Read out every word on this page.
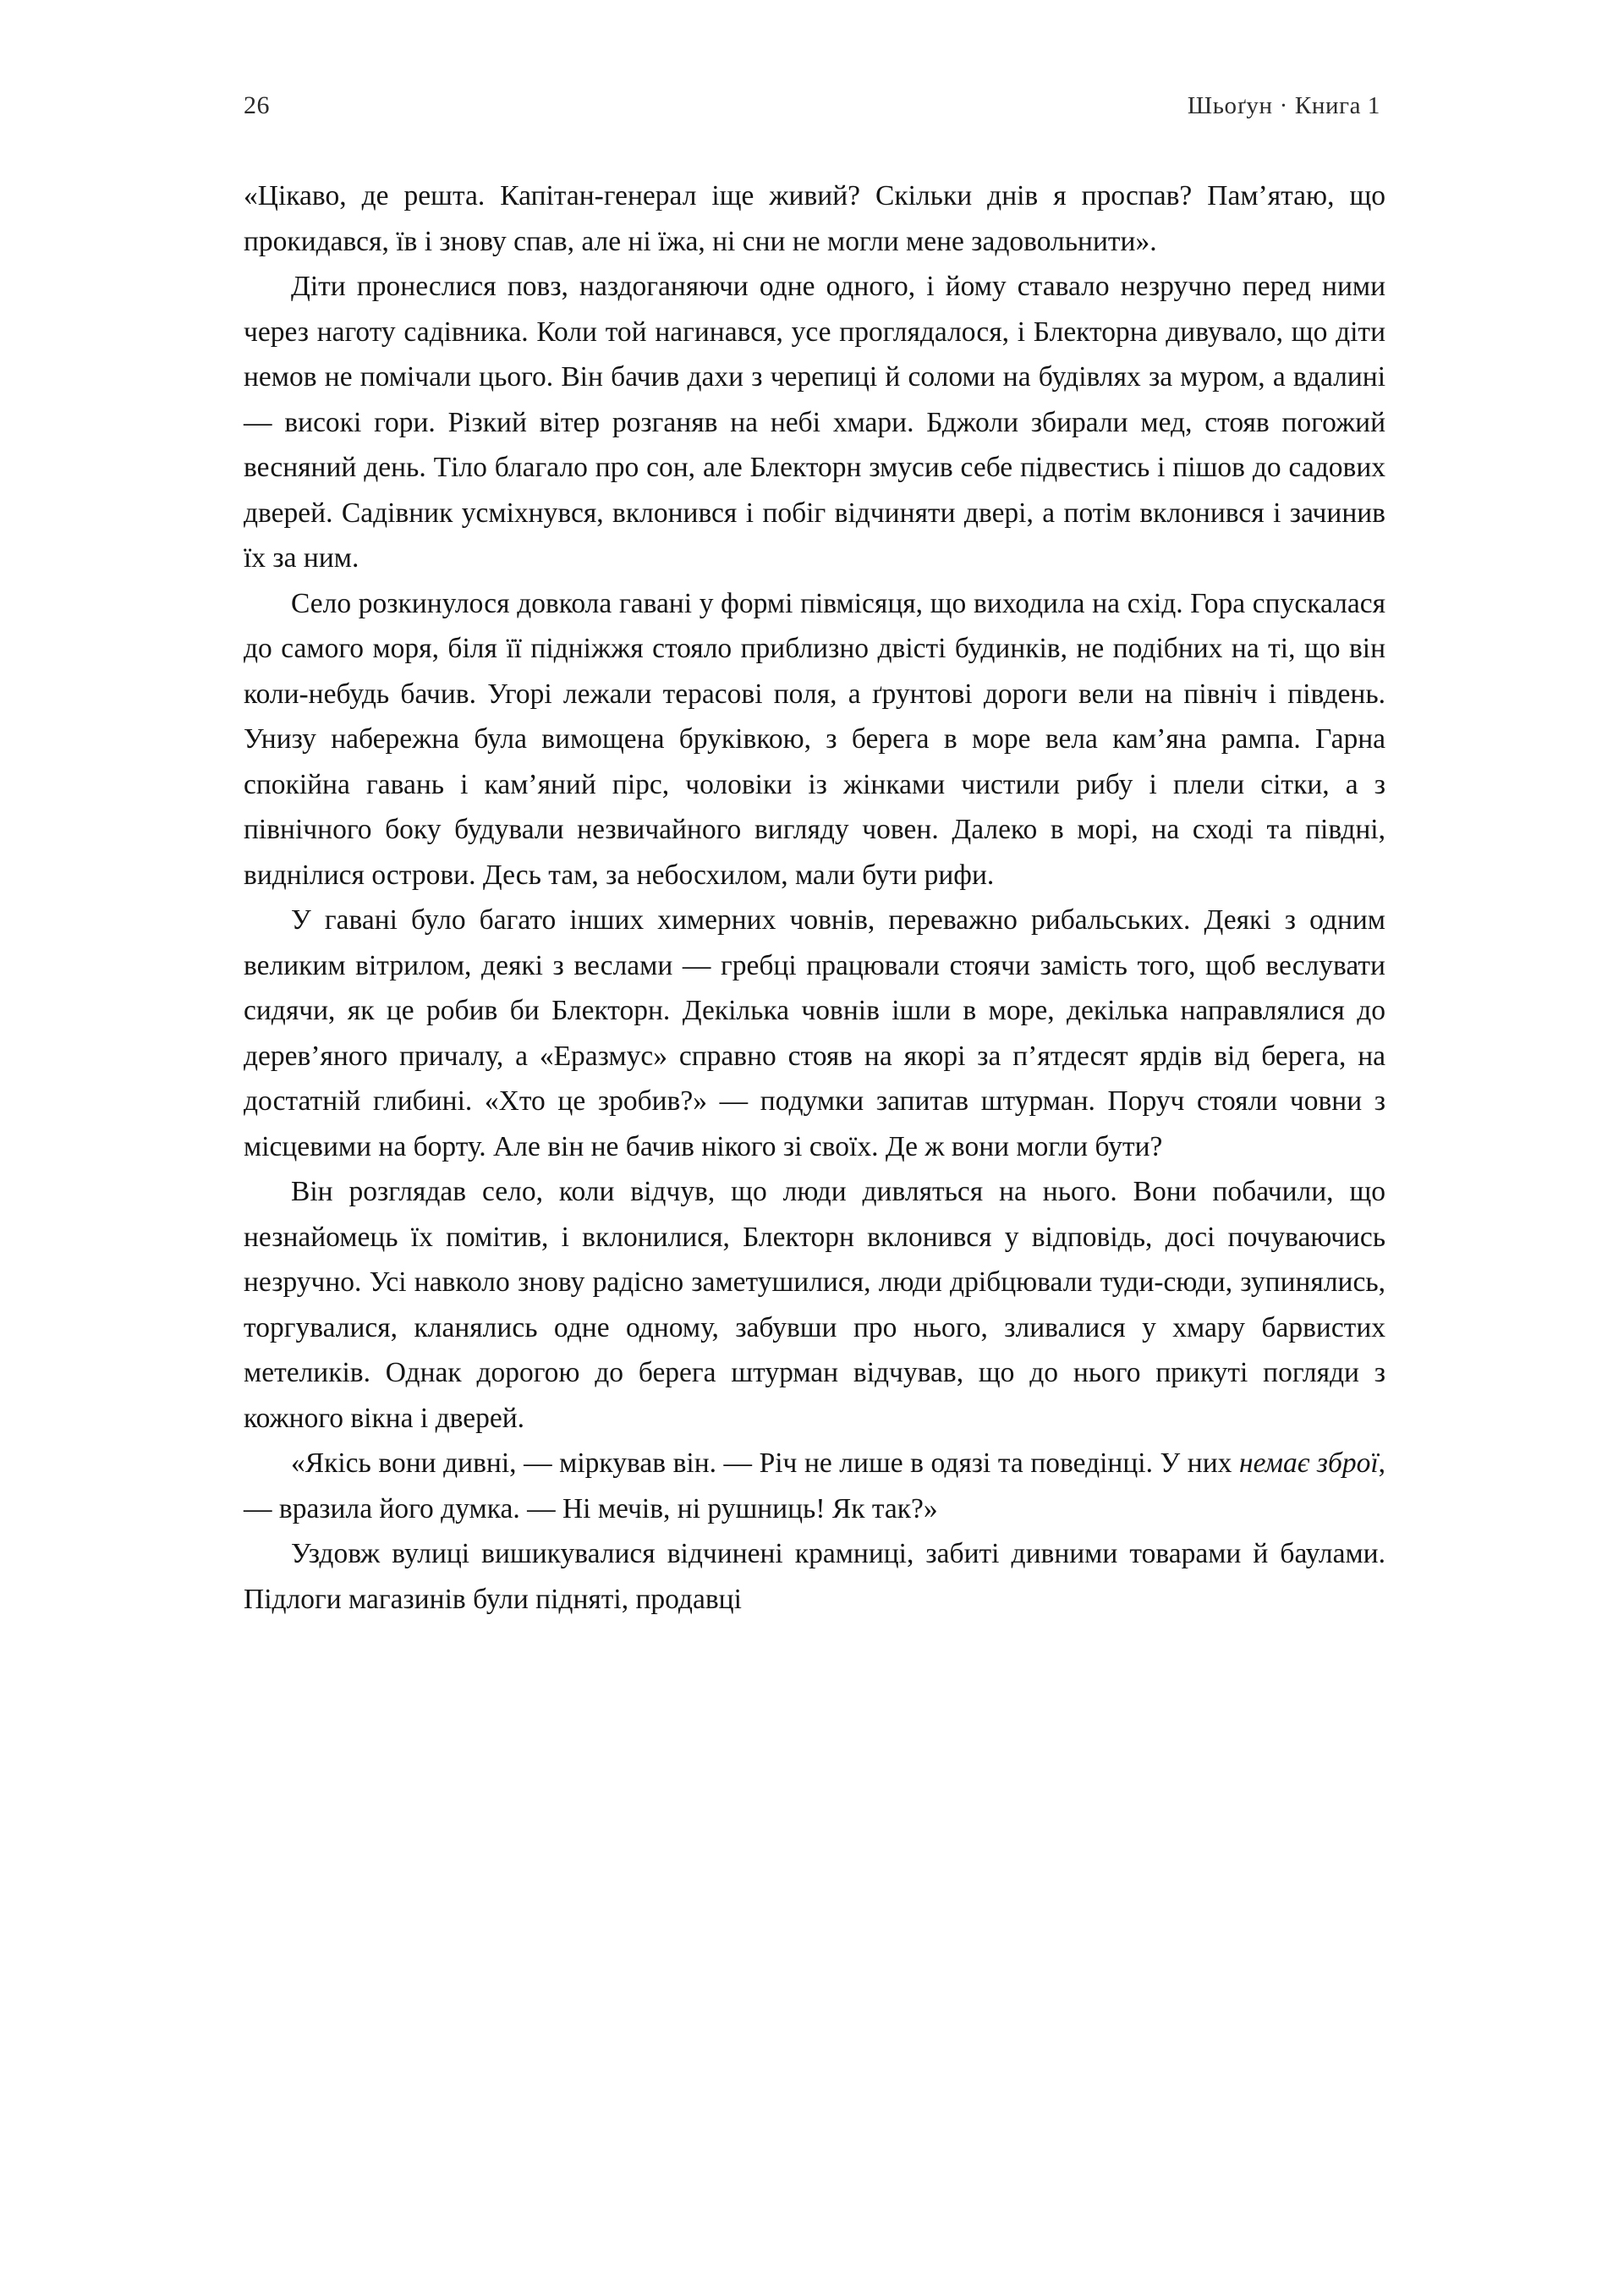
26	Шьоґун · Книга 1

«Цікаво, де решта. Капітан-генерал іще живий? Скільки днів я проспав? Пам’ятаю, що прокидався, їв і знову спав, але ні їжа, ні сни не могли мене задовольнити».

Діти пронеслися повз, наздоганяючи одне одного, і йому ставало незручно перед ними через наготу садівника. Коли той нагинався, усе проглядалося, і Блекторна дивувало, що діти немов не помічали цього. Він бачив дахи з черепиці й соломи на будівлях за муром, а вдалині — високі гори. Різкий вітер розганяв на небі хмари. Бджоли збирали мед, стояв погожий весняний день. Тіло благало про сон, але Блекторн змусив себе підвестись і пішов до садових дверей. Садівник усміхнувся, вклонився і побіг відчиняти двері, а потім вклонився і зачинив їх за ним.

Село розкинулося довкола гавані у формі півмісяця, що виходила на схід. Гора спускалася до самого моря, біля її підніжжя стояло приблизно двісті будинків, не подібних на ті, що він коли-небудь бачив. Угорі лежали терасові поля, а ґрунтові дороги вели на північ і південь. Унизу набережна була вимощена бруківкою, з берега в море вела кам’яна рампа. Гарна спокійна гавань і кам’яний пірс, чоловіки із жінками чистили рибу і плели сітки, а з північного боку будували незвичайного вигляду човен. Далеко в морі, на сході та півдні, виднілися острови. Десь там, за небосхилом, мали бути рифи.

У гавані було багато інших химерних човнів, переважно рибальських. Деякі з одним великим вітрилом, деякі з веслами — гребці працювали стоячи замість того, щоб веслувати сидячи, як це робив би Блекторн. Декілька човнів ішли в море, декілька направлялися до дерев’яного причалу, а «Еразмус» справно стояв на якорі за п’ятдесят ярдів від берега, на достатній глибині. «Хто це зробив?» — подумки запитав штурман. Поруч стояли човни з місцевими на борту. Але він не бачив нікого зі своїх. Де ж вони могли бути?

Він розглядав село, коли відчув, що люди дивляться на нього. Вони побачили, що незнайомець їх помітив, і вклонилися, Блекторн вклонився у відповідь, досі почуваючись незручно. Усі навколо знову радісно заметушилися, люди дрібцювали туди-сюди, зупинялись, торгувалися, кланялись одне одному, забувши про нього, зливалися у хмару барвистих метеликів. Однак дорогою до берега штурман відчував, що до нього прикуті погляди з кожного вікна і дверей.

«Якісь вони дивні, — міркував він. — Річ не лише в одязі та поведінці. У них немає зброї, — вразила його думка. — Ні мечів, ні рушниць! Як так?»

Уздовж вулиці вишикувалися відчинені крамниці, забиті дивними товарами й баулами. Підлоги магазинів були підняті, продавці
